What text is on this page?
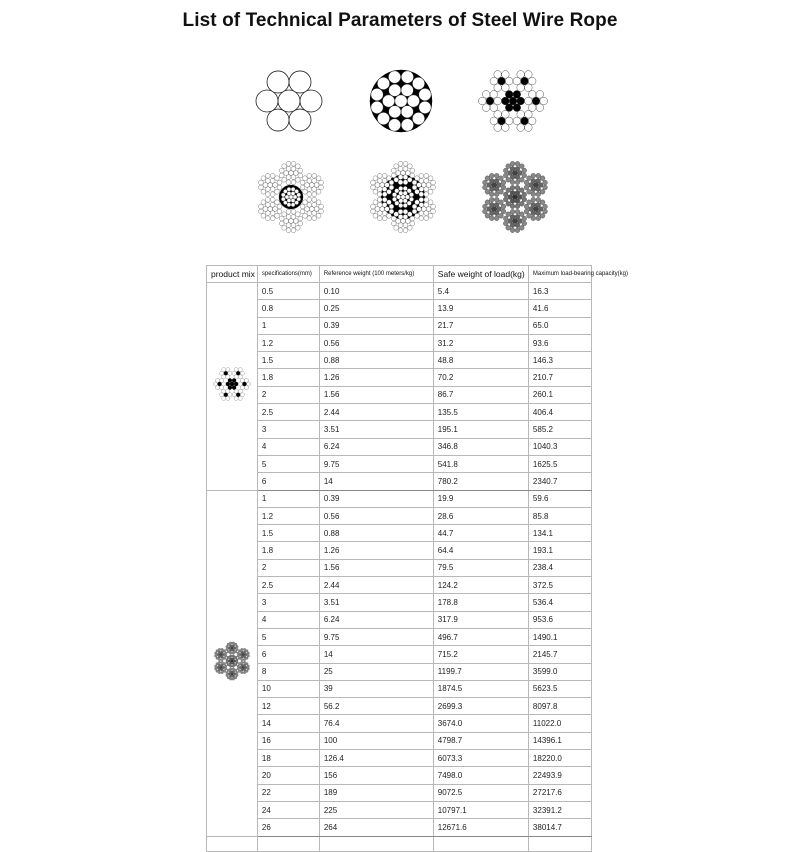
List of Technical Parameters of Steel Wire Rope
product mix	specifications(mm)	Reference weight (100 meters/kg)	Safe weight of load(kg)	Maximum load-bearing capacity(kg)
	0.5	0.10	5.4	16.3
	0.8	0.25	13.9	41.6
	1	0.39	21.7	65.0
	1.2	0.56	31.2	93.6
	1.5	0.88	48.8	146.3
	1.8	1.26	70.2	210.7
	2	1.56	86.7	260.1
	2.5	2.44	135.5	406.4
	3	3.51	195.1	585.2
	4	6.24	346.8	1040.3
	5	9.75	541.8	1625.5
	6	14	780.2	2340.7
	1	0.39	19.9	59.6
	1.2	0.56	28.6	85.8
	1.5	0.88	44.7	134.1
	1.8	1.26	64.4	193.1
	2	1.56	79.5	238.4
	2.5	2.44	124.2	372.5
	3	3.51	178.8	536.4
	4	6.24	317.9	953.6
	5	9.75	496.7	1490.1
	6	14	715.2	2145.7
	8	25	1199.7	3599.0
	10	39	1874.5	5623.5
	12	56.2	2699.3	8097.8
	14	76.4	3674.0	11022.0
	16	100	4798.7	14396.1
	18	126.4	6073.3	18220.0
	20	156	7498.0	22493.9
	22	189	9072.5	27217.6
	24	225	10797.1	32391.2
	26	264	12671.6	38014.7
